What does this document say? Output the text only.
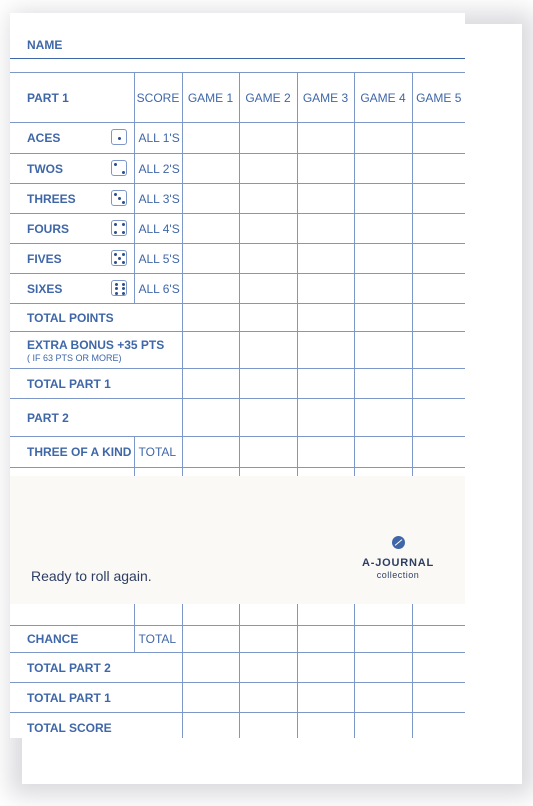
NAME
PART 1	SCORE	GAME 1	GAME 2	GAME 3	GAME 4	GAME 5
ACES	ALL 1'S					
TWOS	ALL 2'S					
THREES	ALL 3'S					
FOURS	ALL 4'S					
FIVES	ALL 5'S					
SIXES	ALL 6'S					
TOTAL POINTS						
EXTRA BONUS +35 PTS
( IF 63 PTS OR MORE)						

TOTAL PART 1						
PART 2						
THREE OF A KIND	TOTAL					

CHANCE	TOTAL					
TOTAL PART 2						
TOTAL PART 1						
TOTAL SCORE						

Ready to roll again.
A-JOURNAL
collection
